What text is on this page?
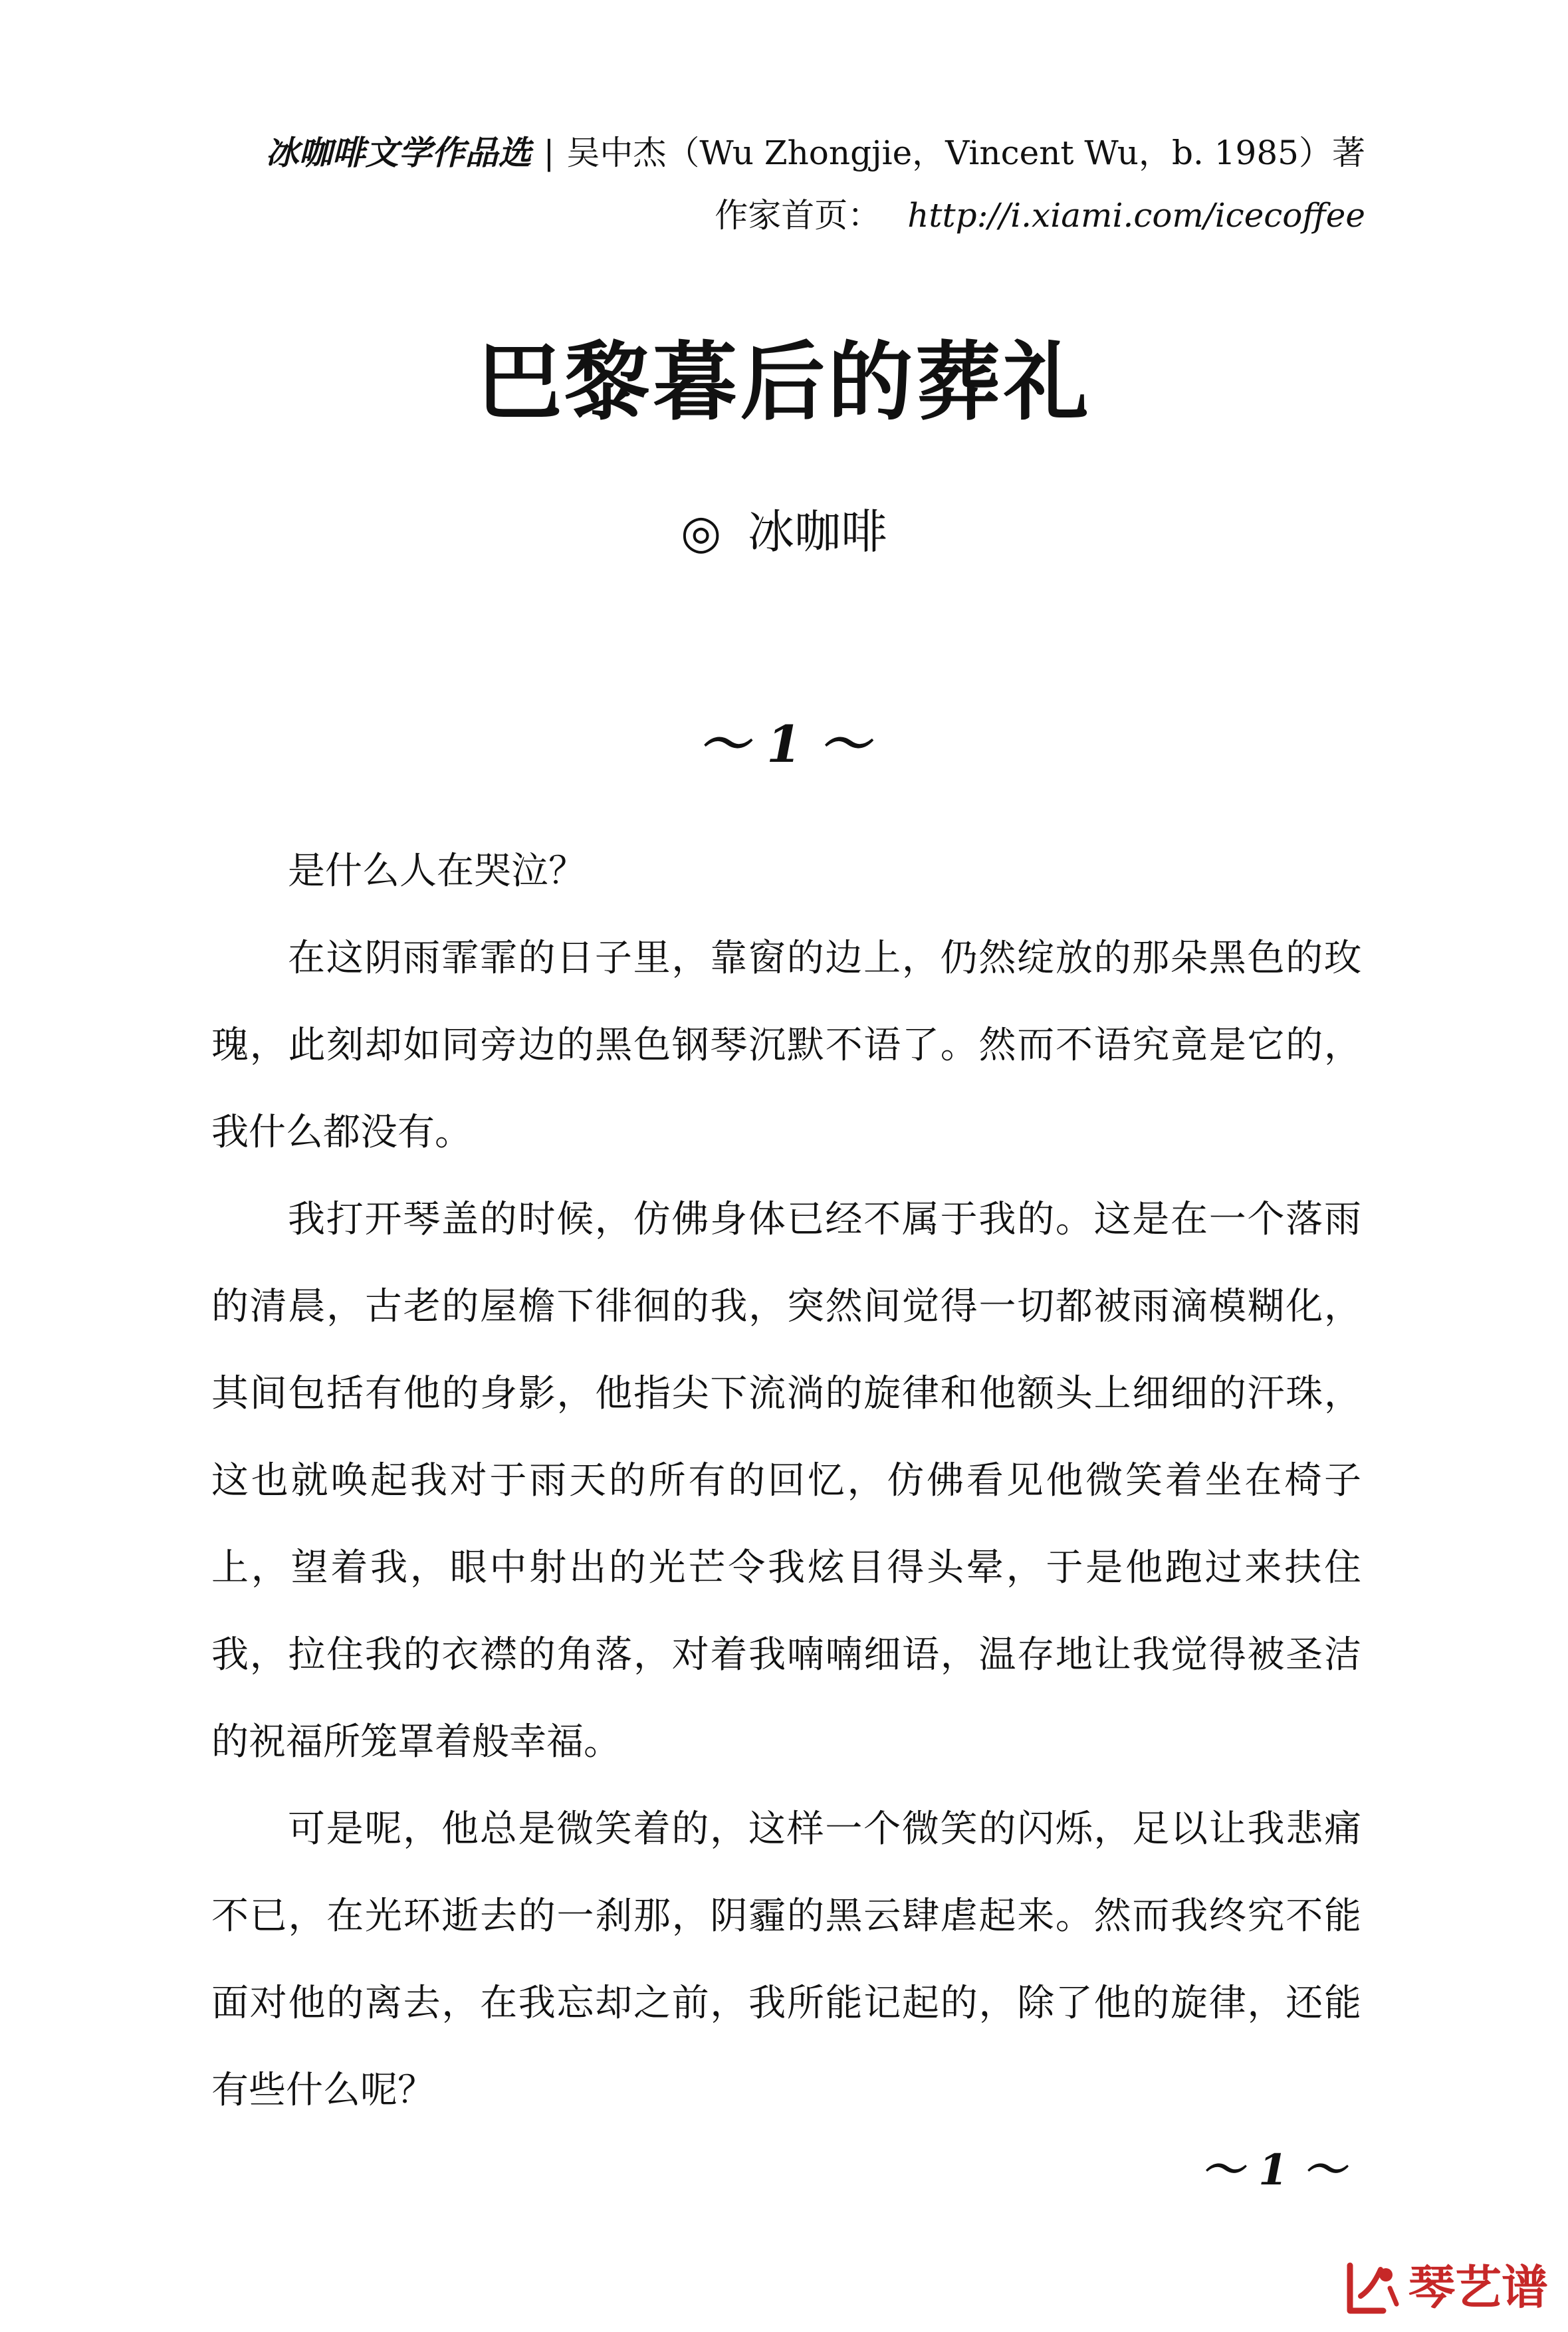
冰咖啡文学作品选 | 吴中杰（Wu Zhongjie，Vincent Wu，b. 1985）著
作家首页： http://i.xiami.com/icecoffee
巴黎暮后的葬礼
◎ 冰咖啡
～ 1 ～

是什么人在哭泣？

在这阴雨霏霏的日子里，靠窗的边上，仍然绽放的那朵黑色的玫瑰，此刻却如同旁边的黑色钢琴沉默不语了。然而不语究竟是它的，我什么都没有。

我打开琴盖的时候，仿佛身体已经不属于我的。这是在一个落雨的清晨，古老的屋檐下徘徊的我，突然间觉得一切都被雨滴模糊化，其间包括有他的身影，他指尖下流淌的旋律和他额头上细细的汗珠，这也就唤起我对于雨天的所有的回忆，仿佛看见他微笑着坐在椅子上，望着我，眼中射出的光芒令我炫目得头晕，于是他跑过来扶住我，拉住我的衣襟的角落，对着我喃喃细语，温存地让我觉得被圣洁的祝福所笼罩着般幸福。

可是呢，他总是微笑着的，这样一个微笑的闪烁，足以让我悲痛不已，在光环逝去的一刹那，阴霾的黑云肆虐起来。然而我终究不能面对他的离去，在我忘却之前，我所能记起的，除了他的旋律，还能有些什么呢？

～ 1 ～
琴艺谱
